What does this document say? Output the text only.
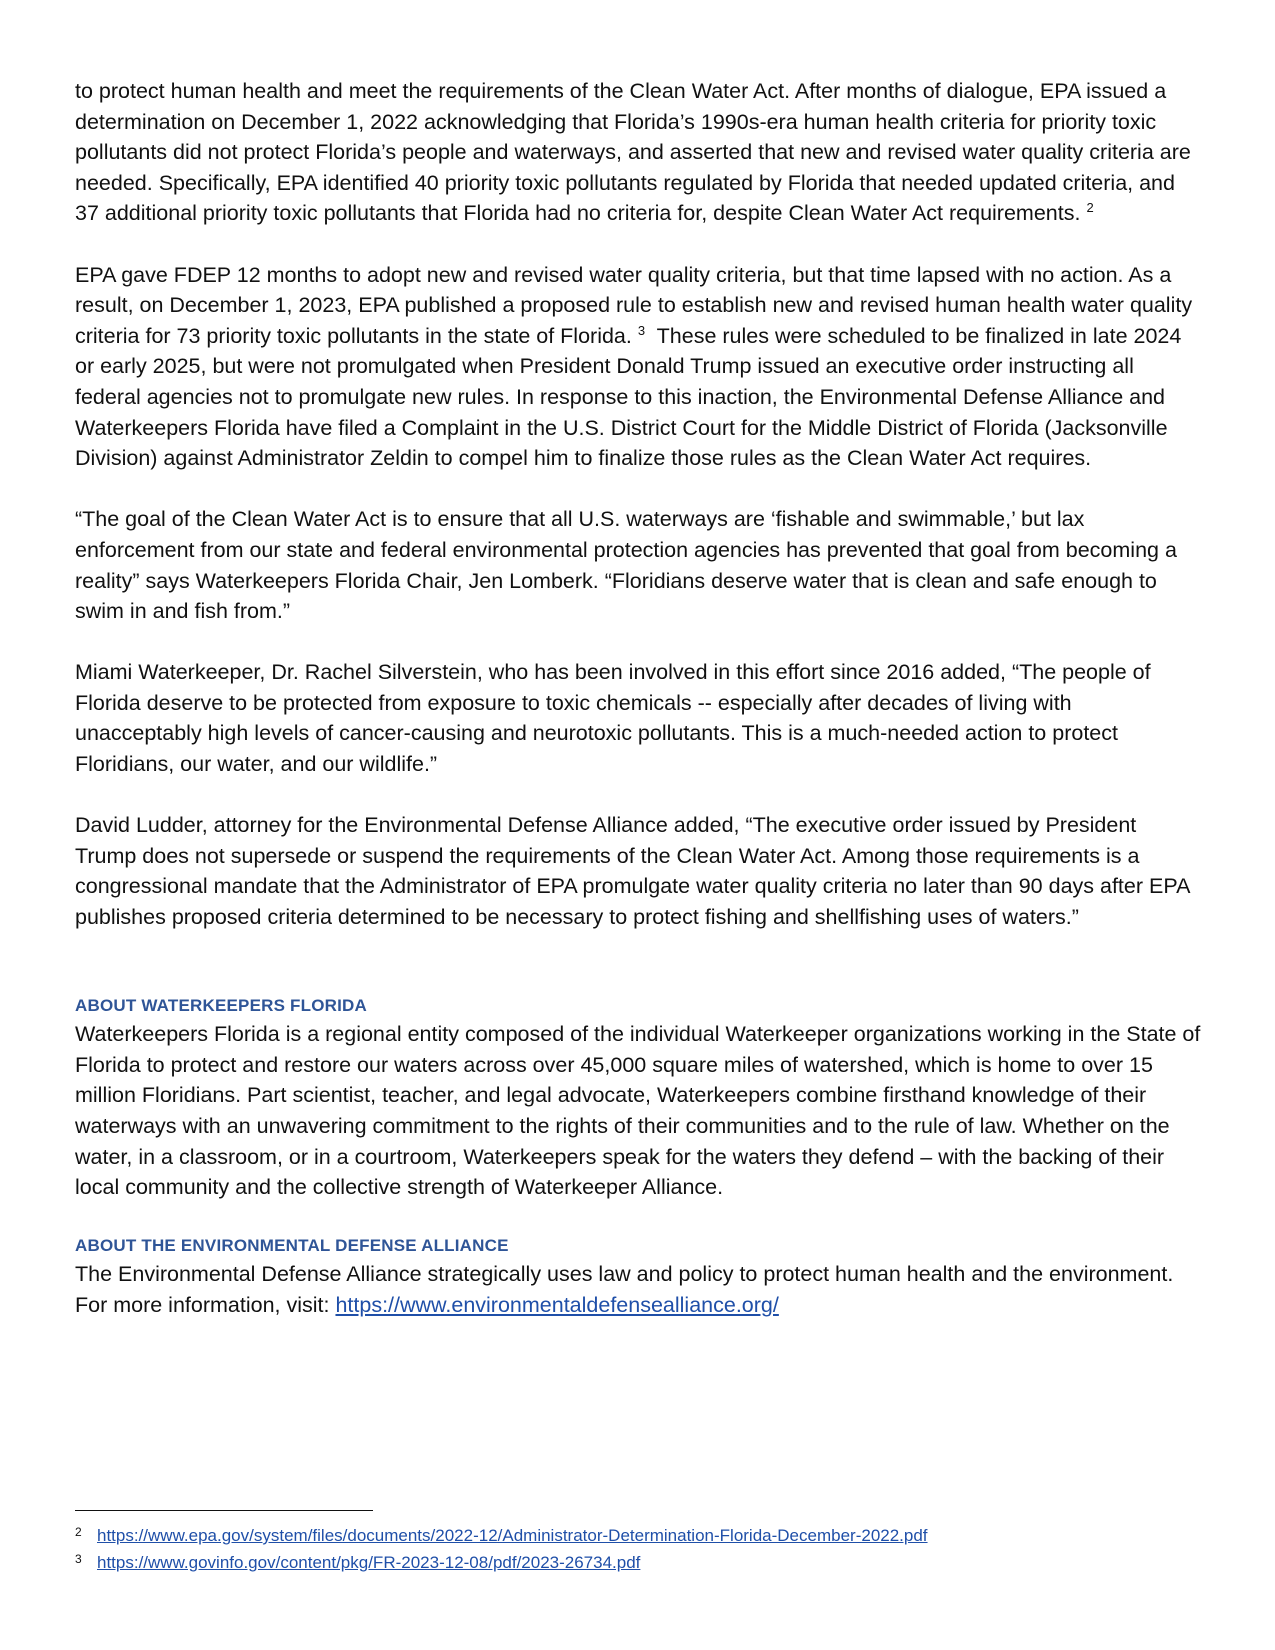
to protect human health and meet the requirements of the Clean Water Act. After months of dialogue, EPA issued a determination on December 1, 2022 acknowledging that Florida’s 1990s-era human health criteria for priority toxic pollutants did not protect Florida’s people and waterways, and asserted that new and revised water quality criteria are needed. Specifically, EPA identified 40 priority toxic pollutants regulated by Florida that needed updated criteria, and 37 additional priority toxic pollutants that Florida had no criteria for, despite Clean Water Act requirements. $^2$

EPA gave FDEP 12 months to adopt new and revised water quality criteria, but that time lapsed with no action. As a result, on December 1, 2023, EPA published a proposed rule to establish new and revised human health water quality criteria for 73 priority toxic pollutants in the state of Florida. $^3$ These rules were scheduled to be finalized in late 2024 or early 2025, but were not promulgated when President Donald Trump issued an executive order instructing all federal agencies not to promulgate new rules. In response to this inaction, the Environmental Defense Alliance and Waterkeepers Florida have filed a Complaint in the U.S. District Court for the Middle District of Florida (Jacksonville Division) against Administrator Zeldin to compel him to finalize those rules as the Clean Water Act requires.

“The goal of the Clean Water Act is to ensure that all U.S. waterways are ‘fishable and swimmable,’ but lax enforcement from our state and federal environmental protection agencies has prevented that goal from becoming a reality” says Waterkeepers Florida Chair, Jen Lomberk. “Floridians deserve water that is clean and safe enough to swim in and fish from.”

Miami Waterkeeper, Dr. Rachel Silverstein, who has been involved in this effort since 2016 added, “The people of Florida deserve to be protected from exposure to toxic chemicals -- especially after decades of living with unacceptably high levels of cancer-causing and neurotoxic pollutants. This is a much-needed action to protect Floridians, our water, and our wildlife.”

David Ludder, attorney for the Environmental Defense Alliance added, “The executive order issued by President Trump does not supersede or suspend the requirements of the Clean Water Act. Among those requirements is a congressional mandate that the Administrator of EPA promulgate water quality criteria no later than 90 days after EPA publishes proposed criteria determined to be necessary to protect fishing and shellfishing uses of waters.”

ABOUT WATERKEEPERS FLORIDA

Waterkeepers Florida is a regional entity composed of the individual Waterkeeper organizations working in the State of Florida to protect and restore our waters across over 45,000 square miles of watershed, which is home to over 15 million Floridians. Part scientist, teacher, and legal advocate, Waterkeepers combine firsthand knowledge of their waterways with an unwavering commitment to the rights of their communities and to the rule of law. Whether on the water, in a classroom, or in a courtroom, Waterkeepers speak for the waters they defend – with the backing of their local community and the collective strength of Waterkeeper Alliance.

ABOUT THE ENVIRONMENTAL DEFENSE ALLIANCE

The Environmental Defense Alliance strategically uses law and policy to protect human health and the environment. For more information, visit: https://www.environmentaldefensealliance.org/

2 https://www.epa.gov/system/files/documents/2022-12/Administrator-Determination-Florida-December-2022.pdf
3 https://www.govinfo.gov/content/pkg/FR-2023-12-08/pdf/2023-26734.pdf
